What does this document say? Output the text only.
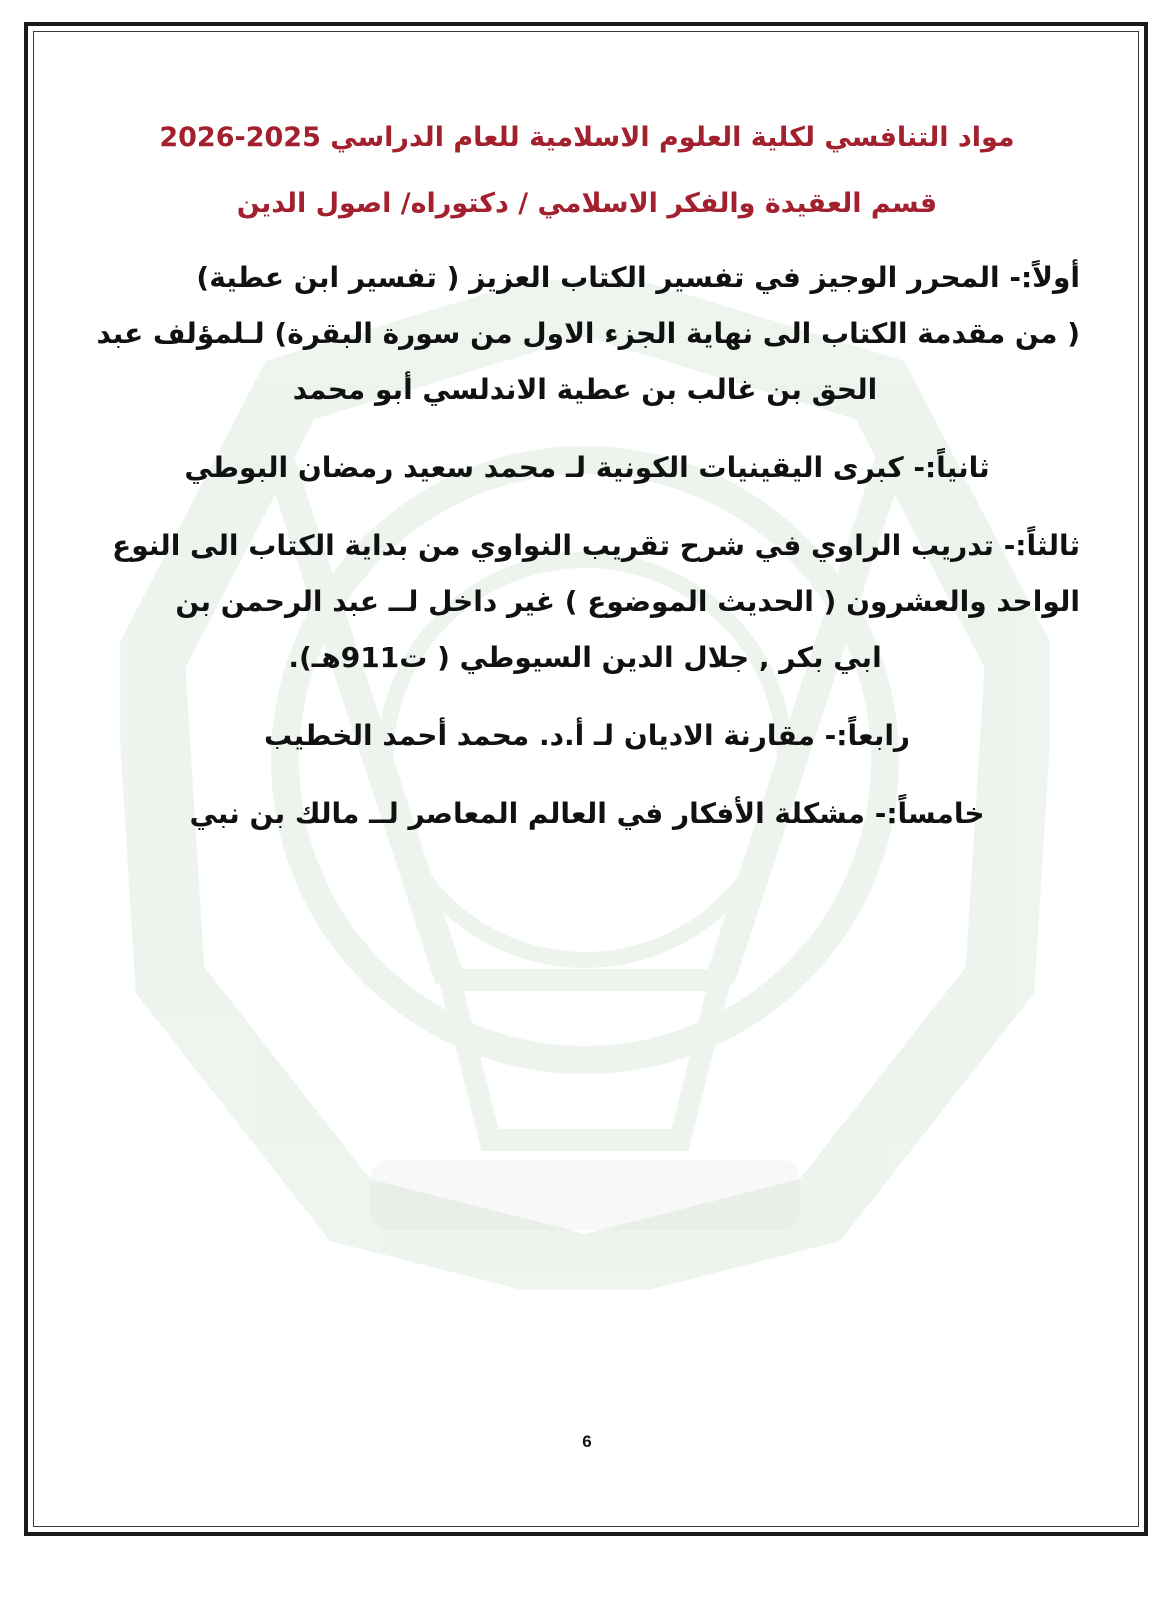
مواد التنافسي لكلية العلوم الاسلامية للعام الدراسي 2025-2026

قسم العقيدة والفكر الاسلامي / دكتوراه/ اصول الدين

أولاً:- المحرر الوجيز في تفسير الكتاب العزيز ( تفسير ابن عطية)
( من مقدمة الكتاب الى نهاية الجزء الاول من سورة البقرة) لـلمؤلف عبد
الحق بن غالب بن عطية الاندلسي أبو محمد

ثانياً:- كبرى اليقينيات الكونية لـ محمد سعيد رمضان البوطي

ثالثاً:- تدريب الراوي في شرح تقريب النواوي من بداية الكتاب الى النوع
الواحد والعشرون ( الحديث الموضوع ) غير داخل لــ عبد الرحمن بن
ابي بكر , جلال الدين السيوطي ( ت911هـ).

رابعاً:- مقارنة الاديان لـ أ.د. محمد أحمد الخطيب

خامساً:- مشكلة الأفكار في العالم المعاصر لــ مالك بن نبي

6
